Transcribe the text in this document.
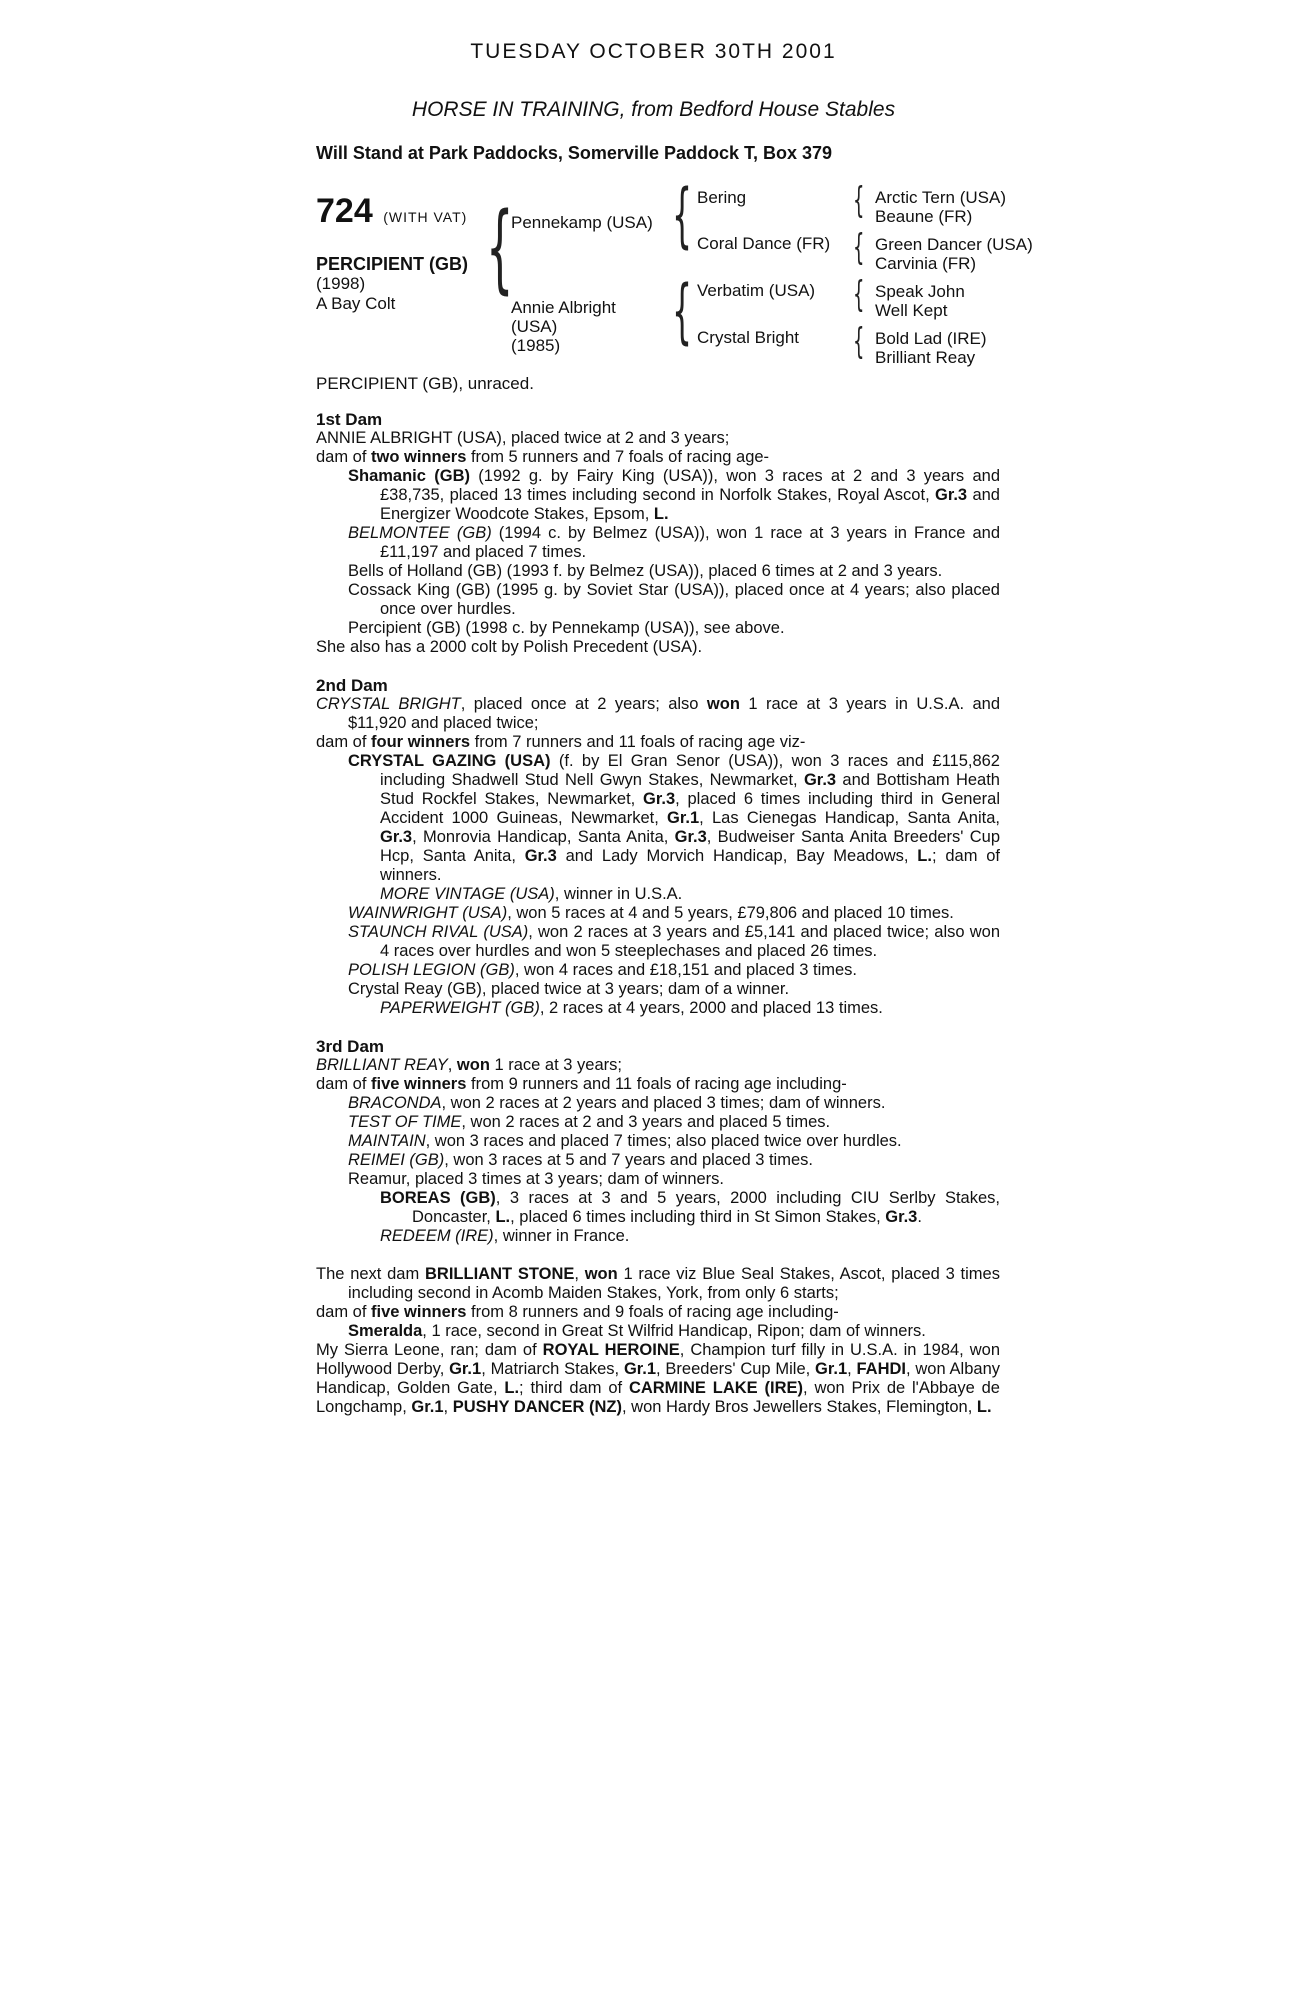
TUESDAY OCTOBER 30TH 2001
HORSE IN TRAINING, from Bedford House Stables
Will Stand at Park Paddocks, Somerville Paddock T, Box 379
724 (WITH VAT)
PERCIPIENT (GB)
(1998)
A Bay Colt { {
{
{
{
{
{
Pennekamp (USA)
Annie Albright
(USA)
(1985)
Bering
Coral Dance (FR)
Verbatim (USA)
Crystal Bright
Arctic Tern (USA)
Beaune (FR)
Green Dancer (USA)
Carvinia (FR)
Speak John
Well Kept
Bold Lad (IRE)
Brilliant Reay
PERCIPIENT (GB), unraced.

1st Dam

ANNIE ALBRIGHT (USA), placed twice at 2 and 3 years;

dam of two winners from 5 runners and 7 foals of racing age-

Shamanic (GB) (1992 g. by Fairy King (USA)), won 3 races at 2 and 3 years and £38,735, placed 13 times including second in Norfolk Stakes, Royal Ascot, Gr.3 and Energizer Woodcote Stakes, Epsom, L.

BELMONTEE (GB) (1994 c. by Belmez (USA)), won 1 race at 3 years in France and £11,197 and placed 7 times.

Bells of Holland (GB) (1993 f. by Belmez (USA)), placed 6 times at 2 and 3 years.

Cossack King (GB) (1995 g. by Soviet Star (USA)), placed once at 4 years; also placed once over hurdles.

Percipient (GB) (1998 c. by Pennekamp (USA)), see above.

She also has a 2000 colt by Polish Precedent (USA).

2nd Dam

CRYSTAL BRIGHT, placed once at 2 years; also won 1 race at 3 years in U.S.A. and $11,920 and placed twice;

dam of four winners from 7 runners and 11 foals of racing age viz-

CRYSTAL GAZING (USA) (f. by El Gran Senor (USA)), won 3 races and £115,862 including Shadwell Stud Nell Gwyn Stakes, Newmarket, Gr.3 and Bottisham Heath Stud Rockfel Stakes, Newmarket, Gr.3, placed 6 times including third in General Accident 1000 Guineas, Newmarket, Gr.1, Las Cienegas Handicap, Santa Anita, Gr.3, Monrovia Handicap, Santa Anita, Gr.3, Budweiser Santa Anita Breeders' Cup Hcp, Santa Anita, Gr.3 and Lady Morvich Handicap, Bay Meadows, L.; dam of winners.

MORE VINTAGE (USA), winner in U.S.A.

WAINWRIGHT (USA), won 5 races at 4 and 5 years, £79,806 and placed 10 times.

STAUNCH RIVAL (USA), won 2 races at 3 years and £5,141 and placed twice; also won 4 races over hurdles and won 5 steeplechases and placed 26 times.

POLISH LEGION (GB), won 4 races and £18,151 and placed 3 times.

Crystal Reay (GB), placed twice at 3 years; dam of a winner.

PAPERWEIGHT (GB), 2 races at 4 years, 2000 and placed 13 times.

3rd Dam

BRILLIANT REAY, won 1 race at 3 years;

dam of five winners from 9 runners and 11 foals of racing age including-

BRACONDA, won 2 races at 2 years and placed 3 times; dam of winners.

TEST OF TIME, won 2 races at 2 and 3 years and placed 5 times.

MAINTAIN, won 3 races and placed 7 times; also placed twice over hurdles.

REIMEI (GB), won 3 races at 5 and 7 years and placed 3 times.

Reamur, placed 3 times at 3 years; dam of winners.

BOREAS (GB), 3 races at 3 and 5 years, 2000 including CIU Serlby Stakes, Doncaster, L., placed 6 times including third in St Simon Stakes, Gr.3.

REDEEM (IRE), winner in France.

The next dam BRILLIANT STONE, won 1 race viz Blue Seal Stakes, Ascot, placed 3 times including second in Acomb Maiden Stakes, York, from only 6 starts;

dam of five winners from 8 runners and 9 foals of racing age including-

Smeralda, 1 race, second in Great St Wilfrid Handicap, Ripon; dam of winners.

My Sierra Leone, ran; dam of ROYAL HEROINE, Champion turf filly in U.S.A. in 1984, won Hollywood Derby, Gr.1, Matriarch Stakes, Gr.1, Breeders' Cup Mile, Gr.1, FAHDI, won Albany Handicap, Golden Gate, L.; third dam of CARMINE LAKE (IRE), won Prix de l'Abbaye de Longchamp, Gr.1, PUSHY DANCER (NZ), won Hardy Bros Jewellers Stakes, Flemington, L.
